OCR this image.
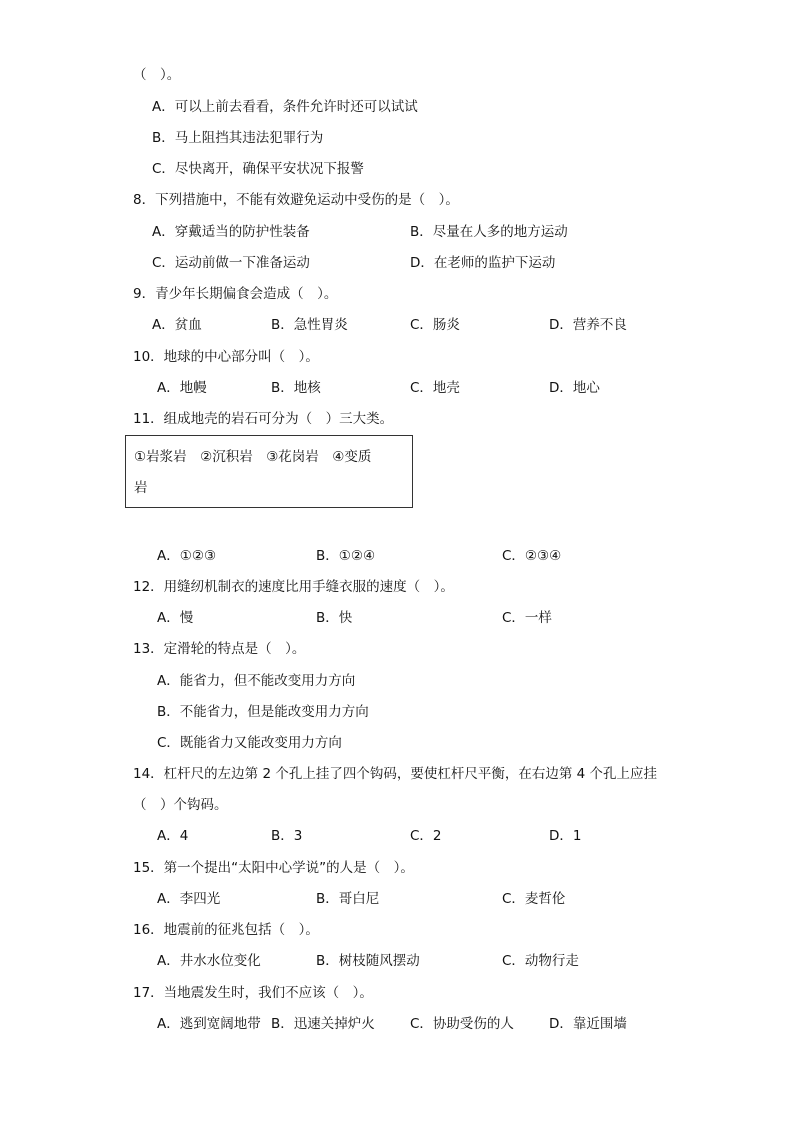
（　）。
A．可以上前去看看，条件允许时还可以试试
B．马上阻挡其违法犯罪行为
C．尽快离开，确保平安状况下报警
8．下列措施中，不能有效避免运动中受伤的是（　）。
A．穿戴适当的防护性装备	B．尽量在人多的地方运动
C．运动前做一下准备运动	D．在老师的监护下运动
9．青少年长期偏食会造成（　）。
A．贫血	B．急性胃炎	C．肠炎	D．营养不良
10．地球的中心部分叫（　）。
A．地幔	B．地核	C．地壳	D．地心
11．组成地壳的岩石可分为（　）三大类。
①岩浆岩　②沉积岩　③花岗岩　④变质
岩
A．①②③	B．①②④	C．②③④
12．用缝纫机制衣的速度比用手缝衣服的速度（　）。
A．慢	B．快	C．一样
13．定滑轮的特点是（　）。
A．能省力，但不能改变用力方向
B．不能省力，但是能改变用力方向
C．既能省力又能改变用力方向
14．杠杆尺的左边第 2 个孔上挂了四个钩码，要使杠杆尺平衡，在右边第 4 个孔上应挂
（　）个钩码。
A．4	B．3	C．2	D．1
15．第一个提出“太阳中心学说”的人是（　）。
A．李四光	B．哥白尼	C．麦哲伦
16．地震前的征兆包括（　）。
A．井水水位变化	B．树枝随风摆动	C．动物行走
17．当地震发生时，我们不应该（　）。
A．逃到宽阔地带 B．迅速关掉炉火	C．协助受伤的人	D．靠近围墙
